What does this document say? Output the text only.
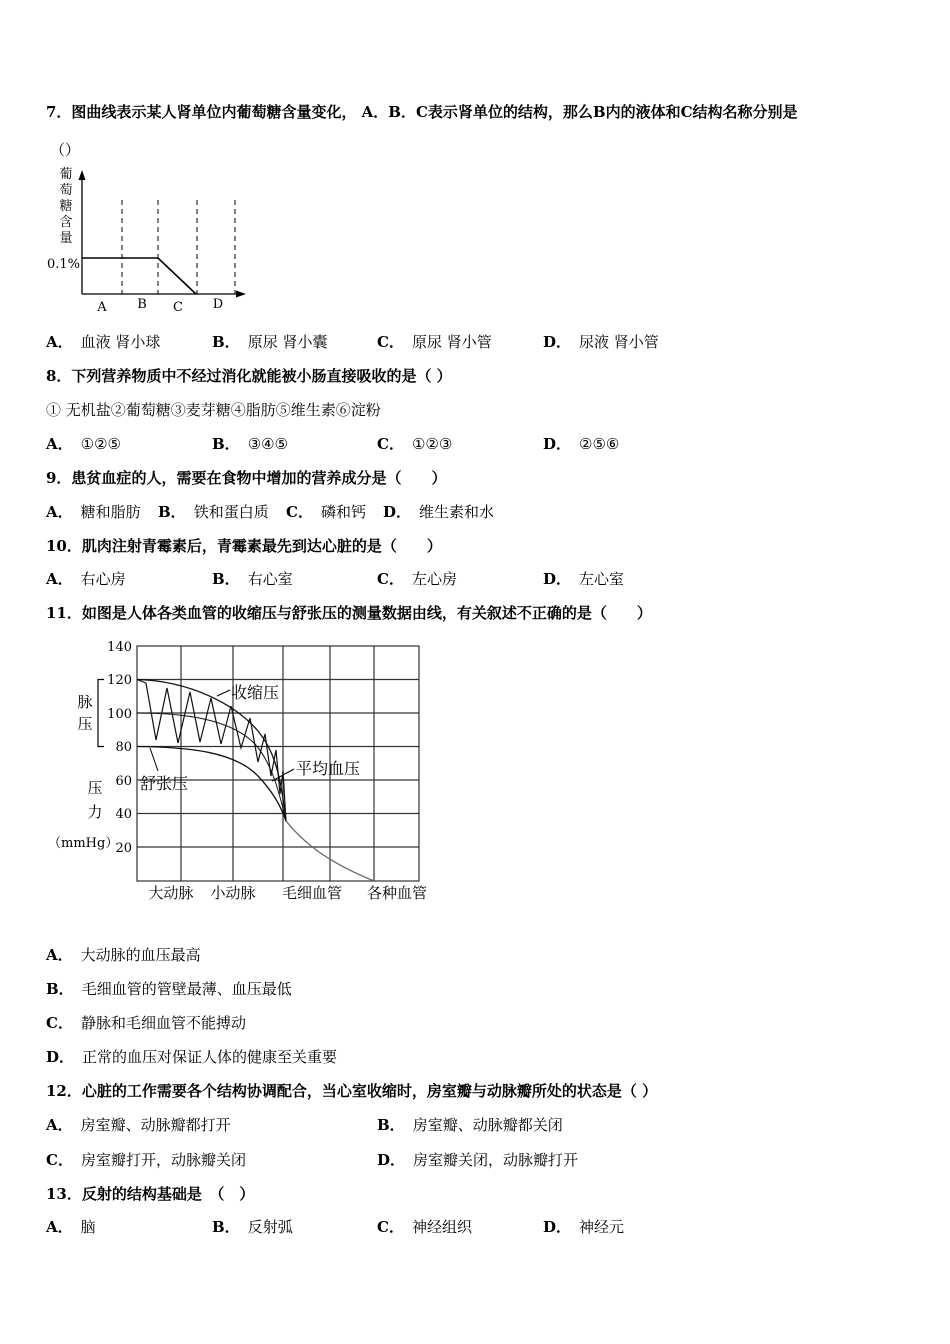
7．图曲线表示某人肾单位内葡萄糖含量变化， A．B．C表示肾单位的结构，那么B内的液体和C结构名称分别是
（）
葡
萄
糖
含
量
0.1%
A B C D
A． 血液 肾小球	B． 原尿 肾小囊	C． 原尿 肾小管	D． 尿液 肾小管
8．下列营养物质中不经过消化就能被小肠直接吸收的是（ ）
① 无机盐②葡萄糖③麦芽糖④脂肪⑤维生素⑥淀粉
A． ①②⑤	B． ③④⑤	C． ①②③	D． ②⑤⑥
9．患贫血症的人，需要在食物中增加的营养成分是（　　）
A． 糖和脂肪 B． 铁和蛋白质 C． 磷和钙 D． 维生素和水
10．肌肉注射青霉素后，青霉素最先到达心脏的是（　　）
A． 右心房	B． 右心室	C． 左心房	D． 左心室
11．如图是人体各类血管的收缩压与舒张压的测量数据由线，有关叙述不正确的是（　　）
140
120
100
80
60
40
20
脉
压
压
力
（mmHg）
收缩压
舒张压
平均血压
大动脉 小动脉 毛细血管 各种血管
A． 大动脉的血压最高
B． 毛细血管的管壁最薄、血压最低
C． 静脉和毛细血管不能搏动
D． 正常的血压对保证人体的健康至关重要
12．心脏的工作需要各个结构协调配合，当心室收缩时，房室瓣与动脉瓣所处的状态是（ ）
A． 房室瓣、动脉瓣都打开	B． 房室瓣、动脉瓣都关闭
C． 房室瓣打开，动脉瓣关闭	D． 房室瓣关闭，动脉瓣打开
13．反射的结构基础是　（　）
A． 脑	B． 反射弧	C． 神经组织	D． 神经元
